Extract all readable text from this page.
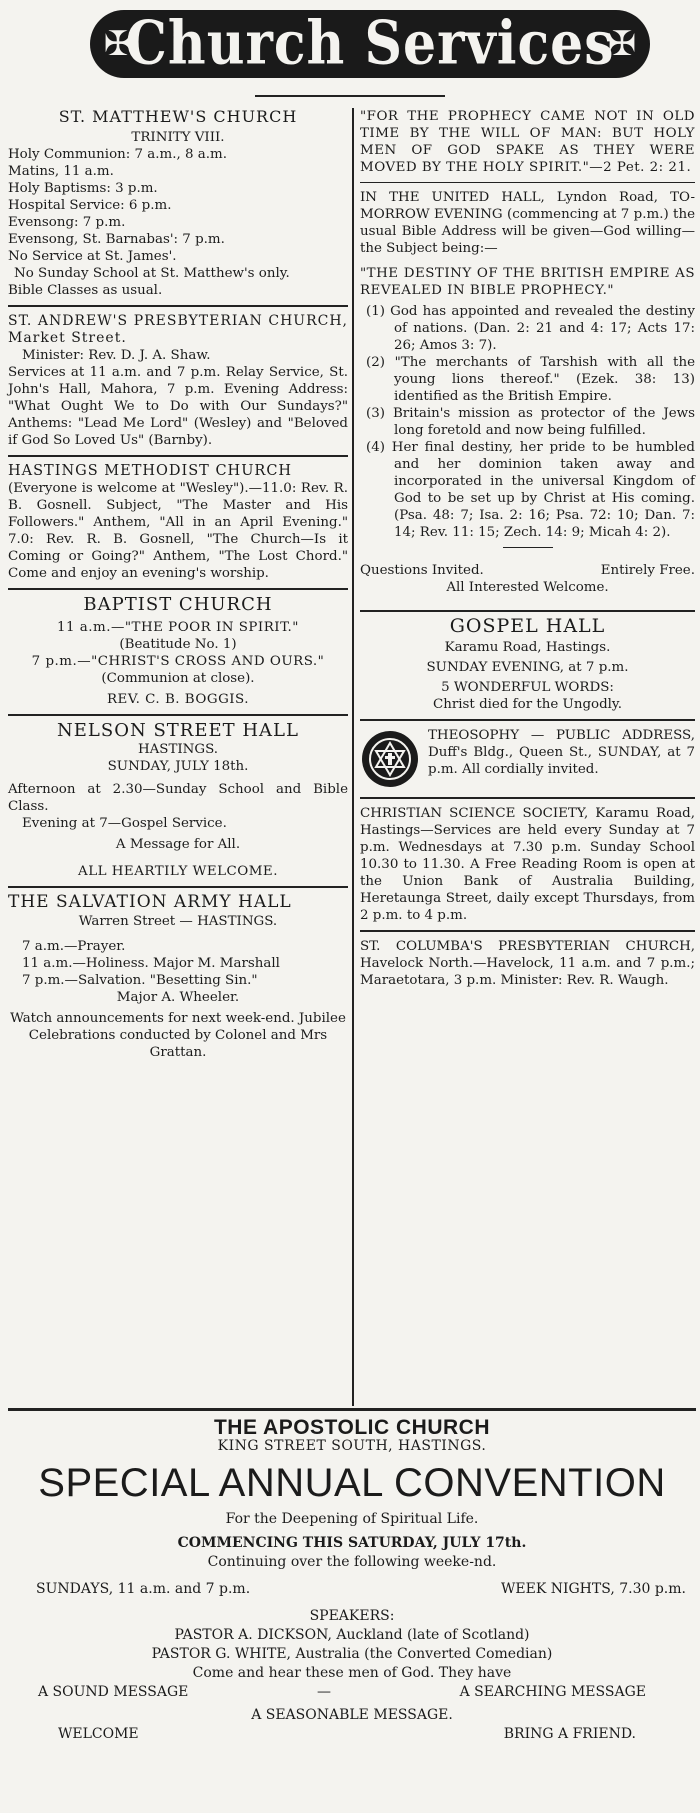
✠
Church Services
✠

ST. MATTHEW'S CHURCH

TRINITY VIII.

Holy Communion: 7 a.m., 8 a.m.

Matins, 11 a.m.

Holy Baptisms: 3 p.m.

Hospital Service: 6 p.m.

Evensong: 7 p.m.

Evensong, St. Barnabas': 7 p.m.

No Service at St. James'.

No Sunday School at St. Matthew's only.

Bible Classes as usual.

ST. ANDREW'S PRESBYTERIAN CHURCH, Market Street.

Minister: Rev. D. J. A. Shaw.

Services at 11 a.m. and 7 p.m. Relay Service, St. John's Hall, Mahora, 7 p.m. Evening Address: "What Ought We to Do with Our Sundays?" Anthems: "Lead Me Lord" (Wesley) and "Beloved if God So Loved Us" (Barnby).

HASTINGS METHODIST CHURCH

(Everyone is welcome at "Wesley").—11.0: Rev. R. B. Gosnell. Subject, "The Master and His Followers." Anthem, "All in an April Evening." 7.0: Rev. R. B. Gosnell, "The Church—Is it Coming or Going?" Anthem, "The Lost Chord." Come and enjoy an evening's worship.

BAPTIST CHURCH

11 a.m.—"THE POOR IN SPIRIT."

(Beatitude No. 1)

7 p.m.—"CHRIST'S CROSS AND OURS."

(Communion at close).

REV. C. B. BOGGIS.

NELSON STREET HALL

HASTINGS.

SUNDAY, JULY 18th.

Afternoon at 2.30—Sunday School and Bible Class.

Evening at 7—Gospel Service.

A Message for All.

ALL HEARTILY WELCOME.

THE SALVATION ARMY HALL

Warren Street — HASTINGS.

7 a.m.—Prayer.

11 a.m.—Holiness. Major M. Marshall

7 p.m.—Salvation. "Besetting Sin."

Major A. Wheeler.

Watch announcements for next week-end. Jubilee Celebrations conducted by Colonel and Mrs Grattan.

"FOR THE PROPHECY CAME NOT IN OLD TIME BY THE WILL OF MAN: BUT HOLY MEN OF GOD SPAKE AS THEY WERE MOVED BY THE HOLY SPIRIT."—2 Pet. 2: 21.

IN THE UNITED HALL, Lyndon Road, TO-MORROW EVENING (commencing at 7 p.m.) the usual Bible Address will be given—God willing—the Subject being:—

"THE DESTINY OF THE BRITISH EMPIRE AS REVEALED IN BIBLE PROPHECY."

(1) God has appointed and revealed the destiny of nations. (Dan. 2: 21 and 4: 17; Acts 17: 26; Amos 3: 7).

(2) "The merchants of Tarshish with all the young lions thereof." (Ezek. 38: 13) identified as the British Empire.

(3) Britain's mission as protector of the Jews long foretold and now being fulfilled.

(4) Her final destiny, her pride to be humbled and her dominion taken away and incorporated in the universal Kingdom of God to be set up by Christ at His coming. (Psa. 48: 7; Isa. 2: 16; Psa. 72: 10; Dan. 7: 14; Rev. 11: 15; Zech. 14: 9; Micah 4: 2).

Questions Invited.	Entirely Free.

All Interested Welcome.

GOSPEL HALL

Karamu Road, Hastings.

SUNDAY EVENING, at 7 p.m.

5 WONDERFUL WORDS:

Christ died for the Ungodly.

THEOSOPHY — PUBLIC ADDRESS, Duff's Bldg., Queen St., SUNDAY, at 7 p.m. All cordially invited.

CHRISTIAN SCIENCE SOCIETY, Karamu Road, Hastings—Services are held every Sunday at 7 p.m. Wednesdays at 7.30 p.m. Sunday School 10.30 to 11.30. A Free Reading Room is open at the Union Bank of Australia Building, Heretaunga Street, daily except Thursdays, from 2 p.m. to 4 p.m.

ST. COLUMBA'S PRESBYTERIAN CHURCH, Havelock North.—Havelock, 11 a.m. and 7 p.m.; Maraetotara, 3 p.m. Minister: Rev. R. Waugh.

THE APOSTOLIC CHURCH

KING STREET SOUTH, HASTINGS.

SPECIAL ANNUAL CONVENTION

For the Deepening of Spiritual Life.

COMMENCING THIS SATURDAY, JULY 17th.

Continuing over the following weeke-nd.

SUNDAYS, 11 a.m. and 7 p.m.	WEEK NIGHTS, 7.30 p.m.

SPEAKERS:

PASTOR A. DICKSON, Auckland (late of Scotland)

PASTOR G. WHITE, Australia (the Converted Comedian)

Come and hear these men of God. They have

A SOUND MESSAGE	—	A SEARCHING MESSAGE

A SEASONABLE MESSAGE.

WELCOME	BRING A FRIEND.
